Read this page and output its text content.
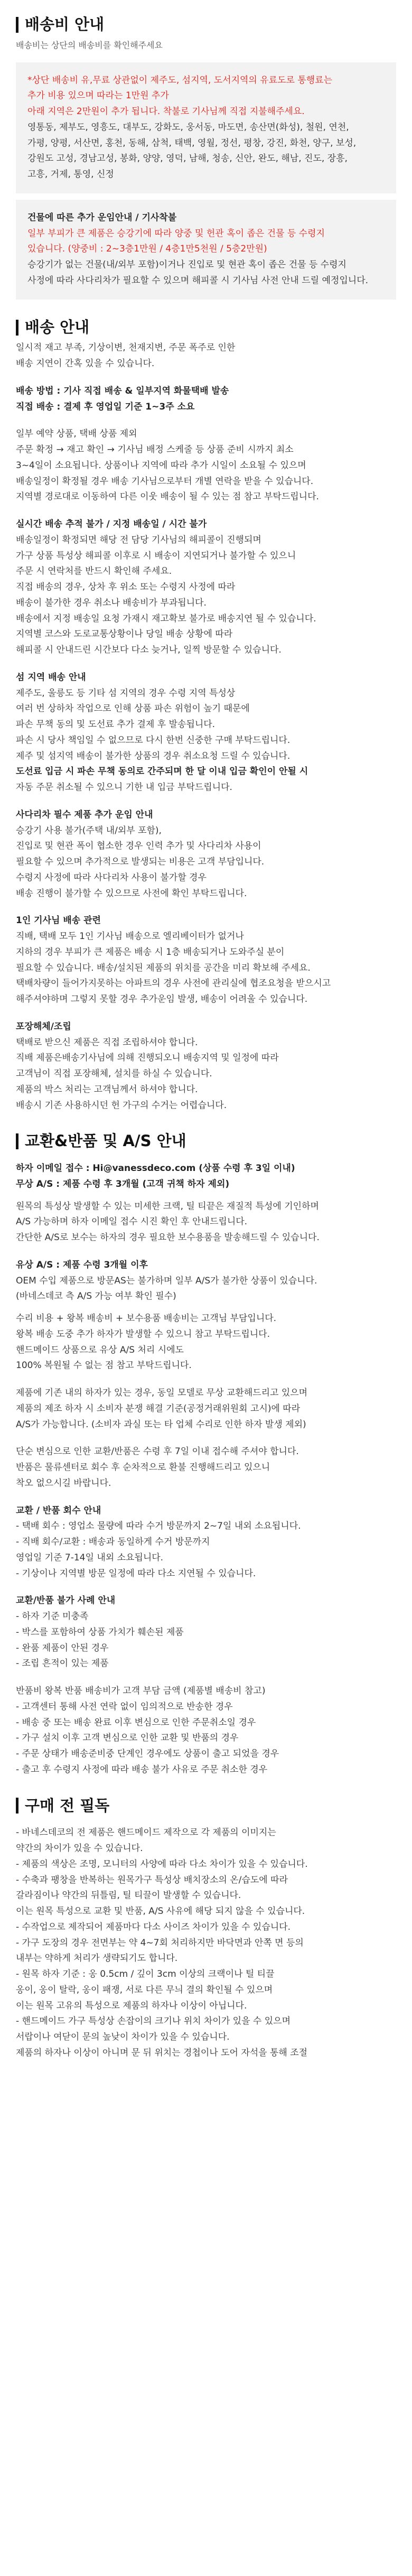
배송비 안내
배송비는 상단의 배송비를 확인해주세요
*상단 배송비 유,무료 상관없이 제주도, 섬지역, 도서지역의 유료도로 통행료는
추가 비용 있으며 따라는 1만원 추가
아래 지역은 2만원이 추가 됩니다. 착불로 기사님께 직접 지불해주세요.
영통동, 제부도, 영흥도, 대부도, 강화도, 웅서동, 마도면, 송산면(화성), 철원, 연천,
가평, 양평, 서산면, 홍천, 동해, 삼척, 태백, 영월, 정선, 평창, 강진, 화천, 양구, 보성,
강원도 고성, 경남고성, 봉화, 양양, 영덕, 남해, 청송, 신안, 완도, 해남, 진도, 장흥,
고흥, 거제, 통영, 신정
건물에 따른 추가 운임안내 / 기사착불
일부 부피가 큰 제품은 승강기에 따라 양중 및 헌관 혹이 좁은 건물 등 수령지
있습니다. (양중비 : 2~3층1만원 / 4층1만5천원 / 5층2만원)
승강기가 없는 건물(내/외부 포함)이거나 진입로 및 현관 혹이 좁은 건물 등 수령지
사정에 따라 사다리차가 필요할 수 있으며 해피콜 시 기사님 사전 안내 드릴 예정입니다.
배송 안내
일시적 재고 부족, 기상이변, 천재지변, 주문 폭주로 인한
배송 지연이 간혹 있을 수 있습니다.
배송 방법 : 기사 직접 배송 & 일부지역 화물택배 발송
직접 배송 : 결제 후 영업일 기준 1~3주 소요
일부 예약 상품, 택배 상품 제외
주문 확정 → 재고 확인 → 기사님 배정 스케줄 등 상품 준비 시까지 최소
3~4일이 소요됩니다. 상품이나 지역에 따라 추가 시일이 소요될 수 있으며
배송일정이 확정될 경우 배송 기사님으로부터 개별 연락을 받을 수 있습니다.
지역별 경로대로 이동하여 다른 이웃 배송이 될 수 있는 점 참고 부탁드립니다.
실시간 배송 추적 불가 / 지정 배송일 / 시간 불가
배송일정이 확정되면 해당 전 담당 기사님의 해피콜이 진행되며
가구 상품 특성상 해피콜 이후로 시 배송이 지연되거나 불가할 수 있으니
주문 시 연락처를 반드시 확인해 주세요.
직접 배송의 경우, 상차 후 위소 또는 수령지 사정에 따라
배송이 불가한 경우 취소나 배송비가 부과됩니다.
배송에서 지정 배송일 요청 가재시 재고확보 불가로 배송지연 될 수 있습니다.
지역별 코스와 도로교통상황이나 당일 배송 상황에 따라
해피콜 시 안내드린 시간보다 다소 늦거나, 일찍 방문할 수 있습니다.
섬 지역 배송 안내
제주도, 울릉도 등 기타 섬 지역의 경우 수령 지역 특성상
여러 번 상하차 작업으로 인해 상품 파손 위험이 높기 때문에
파손 무책 동의 및 도선료 추가 결제 후 발송됩니다.
파손 시 당사 책임일 수 없으므로 다시 한번 신중한 구매 부탁드립니다.
제주 및 섬지역 배송이 불가한 상품의 경우 취소요청 드릴 수 있습니다.
도선료 입금 시 파손 무책 동의로 간주되며 한 달 이내 입금 확인이 안될 시
자동 주문 취소될 수 있으니 기한 내 입금 부탁드립니다.
사다리차 필수 제품 추가 운임 안내
승강기 사용 불가(주택 내/외부 포함),
진입로 및 현관 폭이 협소한 경우 인력 추가 및 사다리차 사용이
필요할 수 있으며 추가적으로 발생되는 비용은 고객 부담입니다.
수령지 사정에 따라 사다리차 사용이 불가할 경우
배송 진행이 불가할 수 있으므로 사전에 확인 부탁드립니다.
1인 기사님 배송 관련
직배, 택배 모두 1인 기사님 배송으로 엘리베이터가 없거나
지하의 경우 부피가 큰 제품은 배송 시 1층 배송되거나 도와주실 분이
필요할 수 있습니다. 배송/설치된 제품의 위치를 공간을 미리 확보해 주세요.
택배차량이 들어가지못하는 아파트의 경우 사전에 관리실에 협조요청을 받으시고
해주셔야하며 그렇지 못할 경우 추가운임 발생, 배송이 어려울 수 있습니다.
포장해체/조립
택배로 받으신 제품은 직접 조립하셔야 합니다.
직배 제품은배송기사님에 의해 진행되오니 배송지역 및 일정에 따라
고객님이 직접 포장해체, 설치를 하실 수 있습니다.
제품의 박스 처리는 고객님께서 하셔야 합니다.
배송시 기존 사용하시던 헌 가구의 수거는 어렵습니다.
교환&반품 및 A/S 안내
하자 이메일 접수 : Hi@vanessdeco.com (상품 수령 후 3일 이내)
무상 A/S : 제품 수령 후 3개월 (고객 귀책 하자 제외)
원목의 특성상 발생할 수 있는 미세한 크랙, 틸 티끝은 재질적 특성에 기인하며
A/S 가능하며 하자 이메일 접수 시진 확인 후 안내드립니다.
간단한 A/S로 보수는 하자의 경우 필요한 보수용품을 발송해드릴 수 있습니다.
유상 A/S : 제품 수령 3개월 이후
OEM 수입 제품으로 방문AS는 불가하며 일부 A/S가 불가한 상품이 있습니다.
(바네스데코 측 A/S 가능 여부 확인 필수)
수리 비용 + 왕복 배송비 + 보수용품 배송비는 고객님 부담입니다.
왕복 배송 도중 추가 하자가 발생할 수 있으니 참고 부탁드립니다.
핸드메이드 상품으로 유상 A/S 처리 시에도
100% 복원될 수 없는 점 참고 부탁드립니다.
제품에 기존 내의 하자가 있는 경우, 동일 모델로 무상 교환해드리고 있으며
제품의 제조 하자 시 소비자 분쟁 해결 기준(공정거래위원회 고시)에 따라
A/S가 가능합니다. (소비자 과실 또는 타 업체 수리로 인한 하자 발생 제외)
단순 변심으로 인한 교환/반품은 수령 후 7일 이내 접수해 주셔야 합니다.
반품은 물류센터로 회수 후 순차적으로 환불 진행해드리고 있으니
착오 없으시길 바랍니다.
교환 / 반품 회수 안내
- 택배 회수 : 영업소 물량에 따라 수거 방문까지 2~7일 내외 소요됩니다.
- 직배 회수/교환 : 배송과 동일하게 수거 방문까지
영업일 기준 7-14일 내외 소요됩니다.
- 기상이나 지역별 방문 일정에 따라 다소 지연될 수 있습니다.
교환/반품 불가 사례 안내
- 하자 기준 미충족
- 박스를 포함하여 상품 가치가 훼손된 제품
- 완품 제품이 안된 경우
- 조립 흔적이 있는 제품
반품비 왕복 반품 배송비가 고객 부담 금액 (제품별 배송비 참고)
- 고객센터 통해 사전 연락 없이 임의적으로 반송한 경우
- 배송 중 또는 배송 완료 이후 변심으로 인한 주문취소일 경우
- 가구 설치 이후 고객 변심으로 인한 교환 및 반품의 경우
- 주문 상태가 배송준비중 단계인 경우에도 상품이 출고 되었을 경우
- 출고 후 수령지 사정에 따라 배송 불가 사유로 주문 취소한 경우
구매 전 필독
- 바네스데코의 전 제품은 핸드메이드 제작으로 각 제품의 이미지는
약간의 차이가 있을 수 있습니다.
- 제품의 색상은 조명, 모니터의 사양에 따라 다소 차이가 있을 수 있습니다.
- 수축과 팽창을 반복하는 원목가구 특성상 배치장소의 온/습도에 따라
갈라짐이나 약간의 뒤틀림, 틸 티끌이 발생할 수 있습니다.
이는 원목 특성으로 교환 및 반품, A/S 사유에 해당 되지 않을 수 있습니다.
- 수작업으로 제작되어 제품마다 다소 사이즈 차이가 있을 수 있습니다.
- 가구 도장의 경우 전면부는 약 4~7회 처리하지만 바닥면과 안쪽 면 등의
내부는 약하게 처리가 생략되기도 합니다.
- 원목 하자 기준 : 옹 0.5cm / 깊이 3cm 이상의 크랙이나 틸 티끌
옹이, 옹이 탈락, 옹이 패쟁, 서로 다른 무늬 결의 확인될 수 있으며
이는 원목 고유의 특성으로 제품의 하자나 이상이 아닙니다.
- 핸드메이드 가구 특성상 손잡이의 크기나 위치 차이가 있을 수 있으며
서랍이나 여닫이 문의 높낮이 차이가 있을 수 있습니다.
제품의 하자나 이상이 아니며 문 뒤 위치는 경첩이나 도어 자석을 통해 조절
